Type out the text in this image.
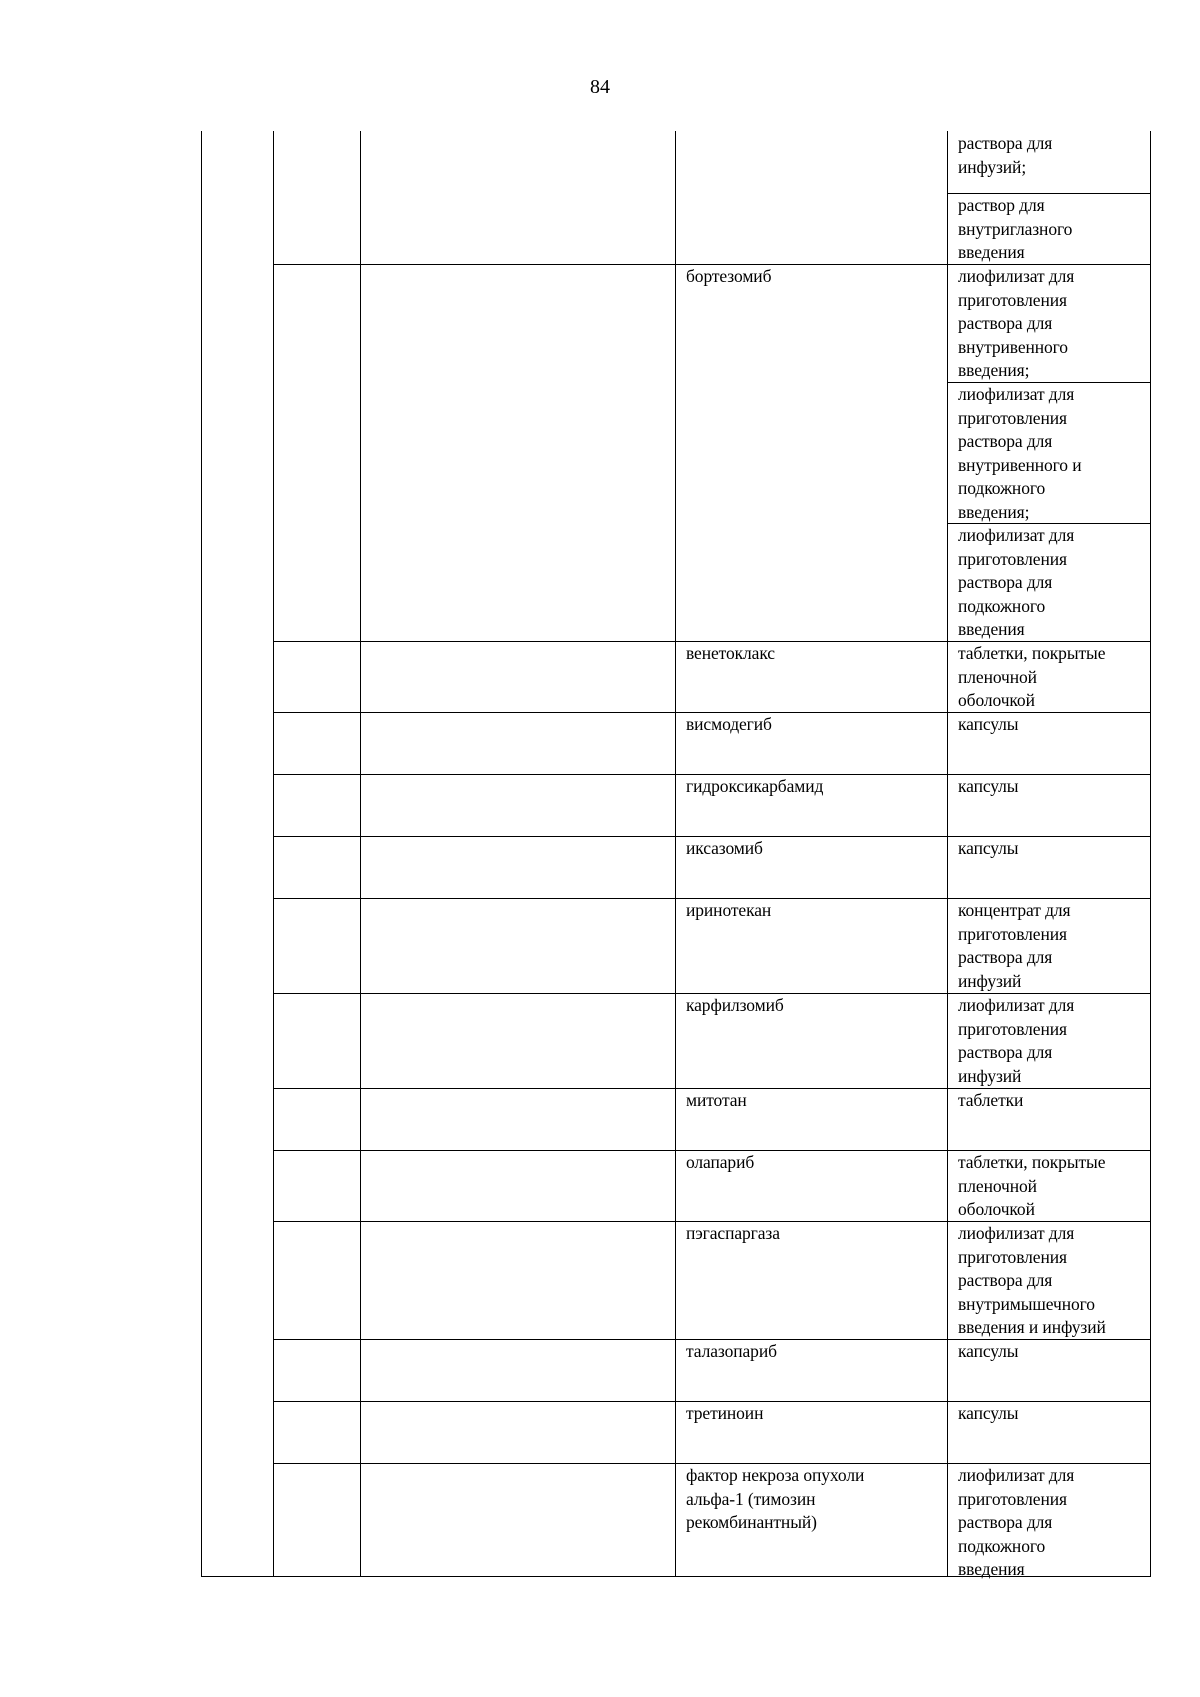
84
раствора для
инфузий;
раствор для
внутриглазного
введения
лиофилизат для
приготовления
раствора для
внутривенного
введения;
лиофилизат для
приготовления
раствора для
внутривенного и
подкожного
введения;
лиофилизат для
приготовления
раствора для
подкожного
введения
бортезомиб
таблетки, покрытые
пленочной
оболочкой
венетоклакс
капсулы
висмодегиб
капсулы
гидроксикарбамид
капсулы
иксазомиб
концентрат для
приготовления
раствора для
инфузий
иринотекан
лиофилизат для
приготовления
раствора для
инфузий
карфилзомиб
таблетки
митотан
таблетки, покрытые
пленочной
оболочкой
олапариб
лиофилизат для
приготовления
раствора для
внутримышечного
введения и инфузий
пэгаспаргаза
капсулы
талазопариб
капсулы
третиноин
лиофилизат для
приготовления
раствора для
подкожного
введения
фактор некроза опухоли
альфа-1 (тимозин
рекомбинантный)
